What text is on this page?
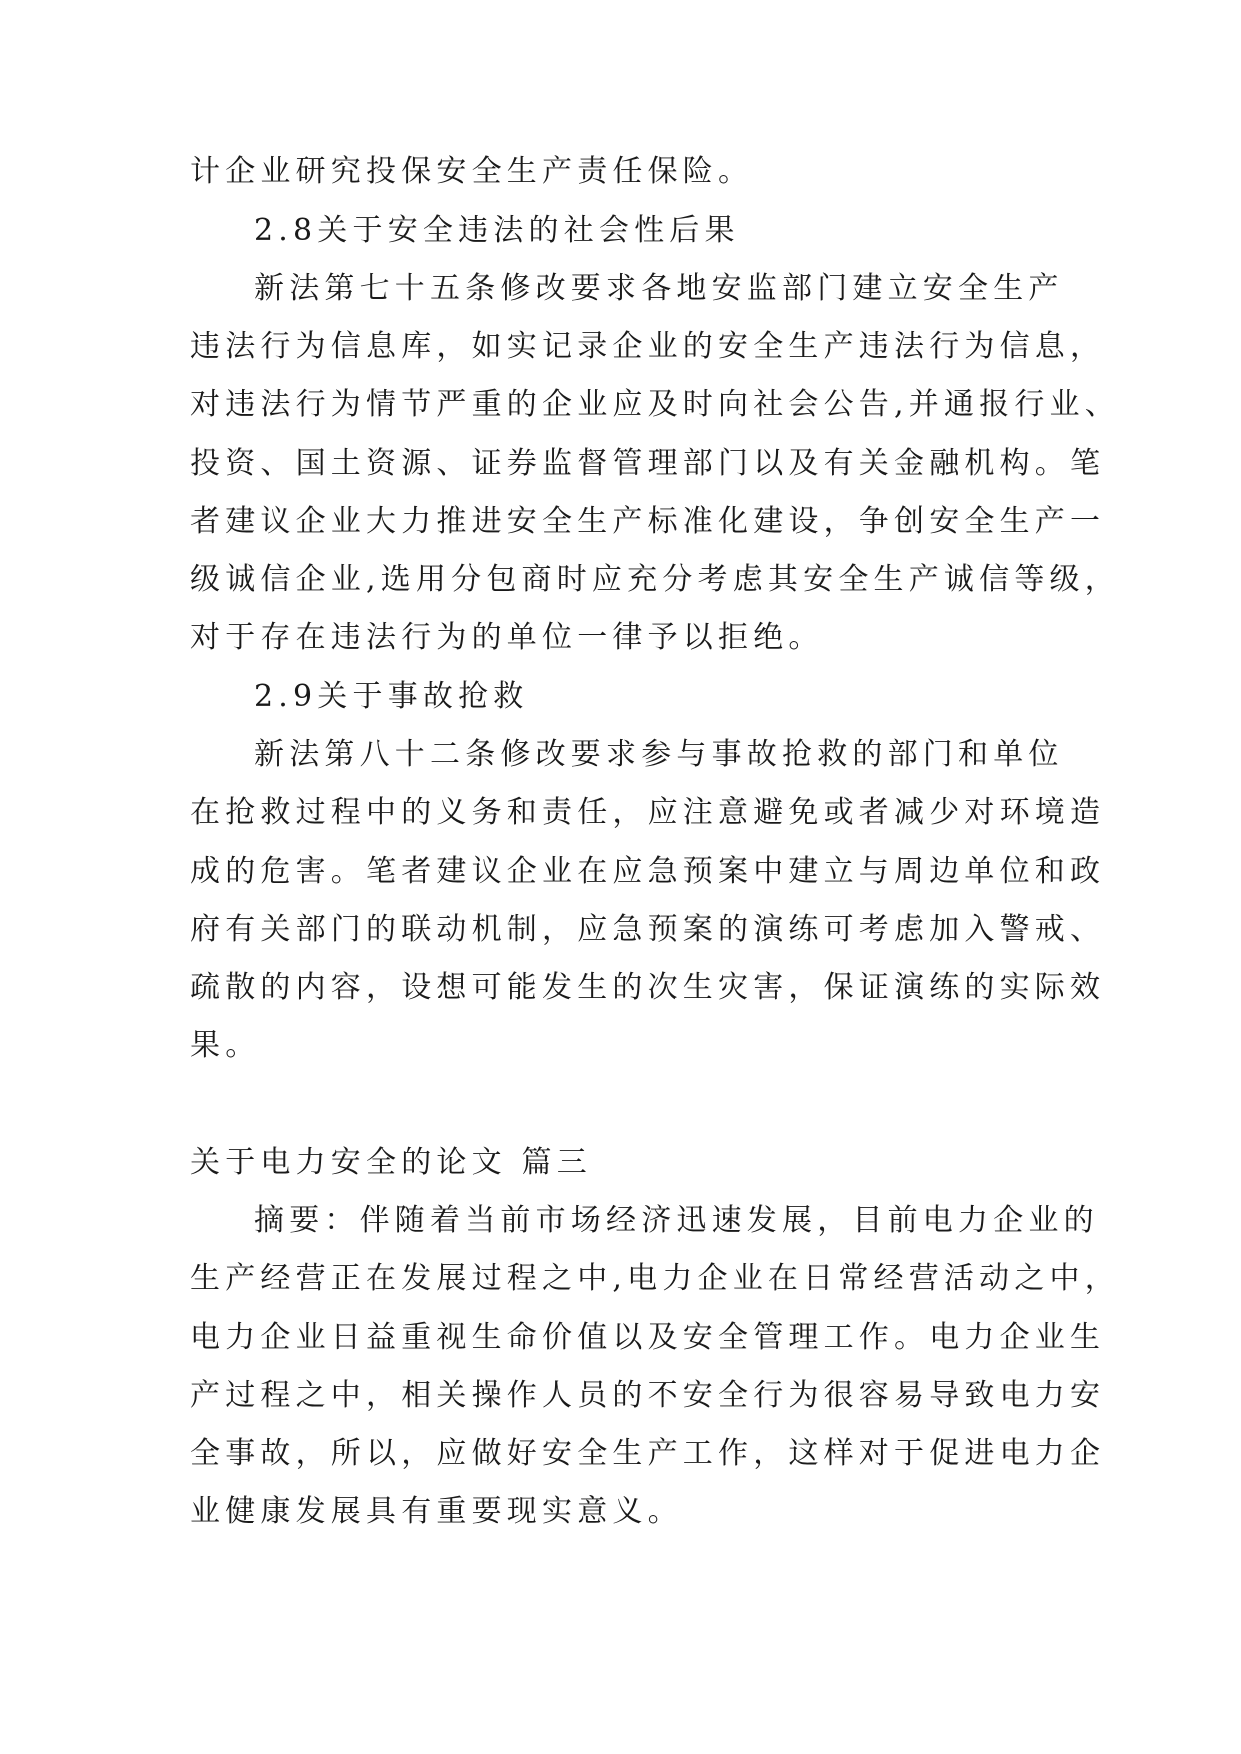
计企业研究投保安全生产责任保险。
2.8关于安全违法的社会性后果
新法第七十五条修改要求各地安监部门建立安全生产
违法行为信息库，如实记录企业的安全生产违法行为信息，
对违法行为情节严重的企业应及时向社会公告,并通报行业、
投资、国土资源、证券监督管理部门以及有关金融机构。笔
者建议企业大力推进安全生产标准化建设，争创安全生产一
级诚信企业,选用分包商时应充分考虑其安全生产诚信等级，
对于存在违法行为的单位一律予以拒绝。
2.9关于事故抢救
新法第八十二条修改要求参与事故抢救的部门和单位
在抢救过程中的义务和责任，应注意避免或者减少对环境造
成的危害。笔者建议企业在应急预案中建立与周边单位和政
府有关部门的联动机制，应急预案的演练可考虑加入警戒、
疏散的内容，设想可能发生的次生灾害，保证演练的实际效
果。
关于电力安全的论文 篇三
摘要：伴随着当前市场经济迅速发展，目前电力企业的
生产经营正在发展过程之中,电力企业在日常经营活动之中，
电力企业日益重视生命价值以及安全管理工作。电力企业生
产过程之中，相关操作人员的不安全行为很容易导致电力安
全事故，所以，应做好安全生产工作，这样对于促进电力企
业健康发展具有重要现实意义。
